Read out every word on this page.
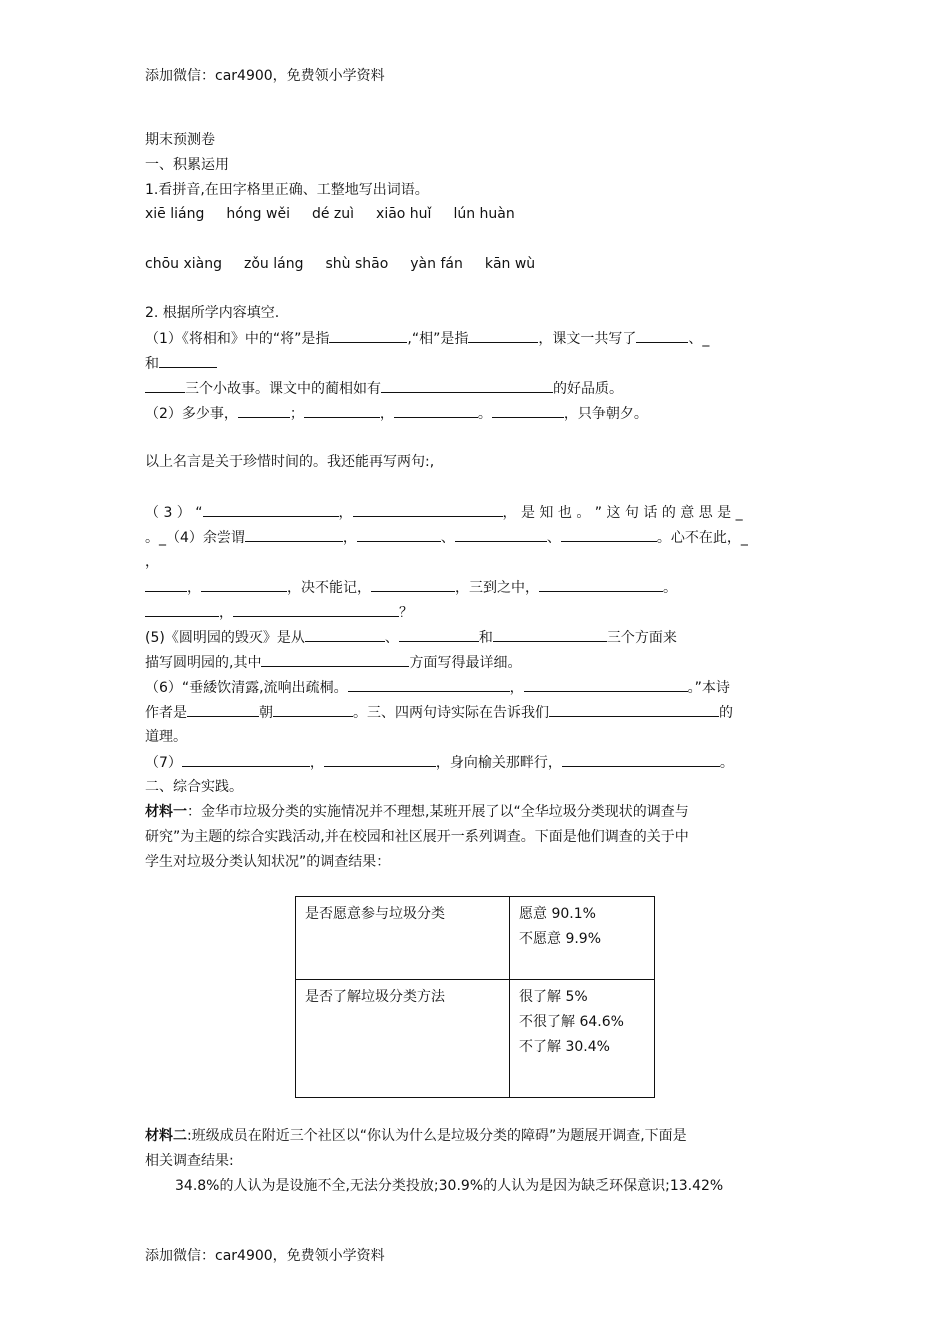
添加微信：car4900，免费领小学资料
期末预测卷
一、积累运用
1.看拼音,在田字格里正确、工整地写出词语。
xiē liáng hóng wěi dé zuì xiāo huǐ lún huàn
chōu xiàng zǒu láng shù shāo yàn fán kān wù
2. 根据所学内容填空.
（1）《将相和》中的“将”是指	,“相”是指	，课文一共写了	、_
和
三个小故事。课文中的蔺相如有	的好品质。
（2）多少事，	；	，	。	，只争朝夕。
以上名言是关于珍惜时间的。我还能再写两句:,
（ 3 ） “	，	， 是 知 也 。 ” 这 句 话 的 意 思 是 _
。_（4）余尝谓	，	、	、	。心不在此，_
，
，	，决不能记，	，三到之中，	。
，	？
(5)《圆明园的毁灭》是从	、	和	三个方面来
描写圆明园的,其中	方面写得最详细。
（6）“垂緌饮清露,流响出疏桐。	，	。”本诗
作者是	朝	。三、四两句诗实际在告诉我们	的
道理。
（7）	，	，身向榆关那畔行，	。
二、综合实践。
材料一：金华市垃圾分类的实施情况并不理想,某班开展了以“全华垃圾分类现状的调查与
研究”为主题的综合实践活动,并在校园和社区展开一系列调查。下面是他们调查的关于中
学生对垃圾分类认知状况”的调查结果：
是否愿意参与垃圾分类	愿意 90.1%
不愿意 9.9%

是否了解垃圾分类方法	很了解 5%
不很了解 64.6%
不了解 30.4%
材料二:班级成员在附近三个社区以“你认为什么是垃圾分类的障碍”为题展开调查,下面是
相关调查结果:
34.8%的人认为是设施不全,无法分类投放;30.9%的人认为是因为缺乏环保意识;13.42%
添加微信：car4900，免费领小学资料
